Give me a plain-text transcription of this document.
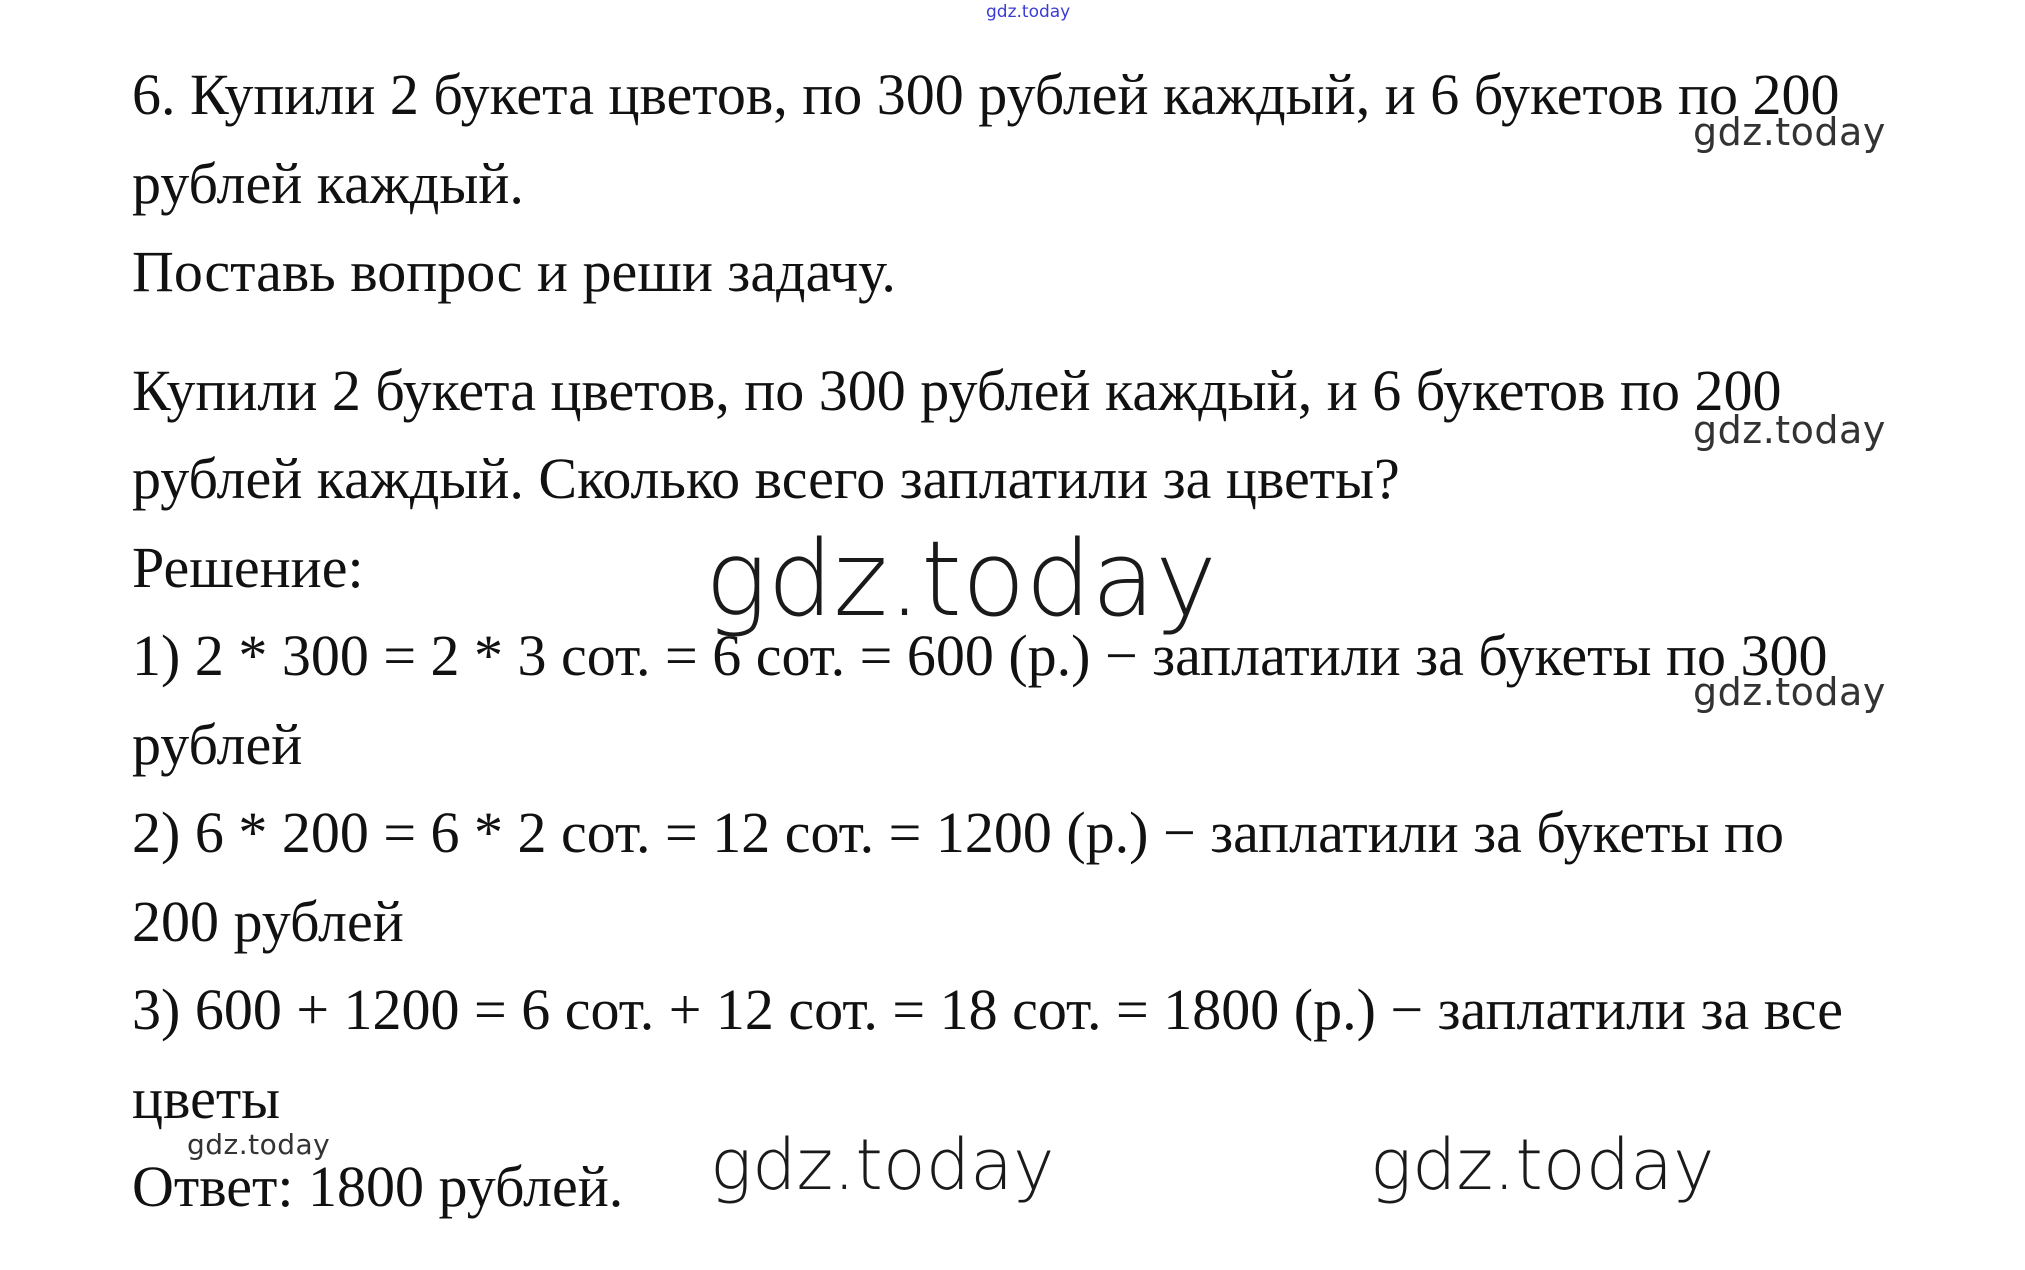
gdz.today
6. Купили 2 букета цветов, по 300 рублей каждый, и 6 букетов по 200
рублей каждый.
Поставь вопрос и реши задачу.
Купили 2 букета цветов, по 300 рублей каждый, и 6 букетов по 200
рублей каждый. Сколько всего заплатили за цветы?
Решение:
1) 2 * 300 = 2 * 3 сот. = 6 сот. = 600 (р.) − заплатили за букеты по 300
рублей
2) 6 * 200 = 6 * 2 сот. = 12 сот. = 1200 (р.) − заплатили за букеты по
200 рублей
3) 600 + 1200 = 6 сот. + 12 сот. = 18 сот. = 1800 (р.) − заплатили за все
цветы
Ответ: 1800 рублей.
gdz.today
gdz.today
gdz.today
gdz.today
gdz.today
gdz.today	gdz.today
